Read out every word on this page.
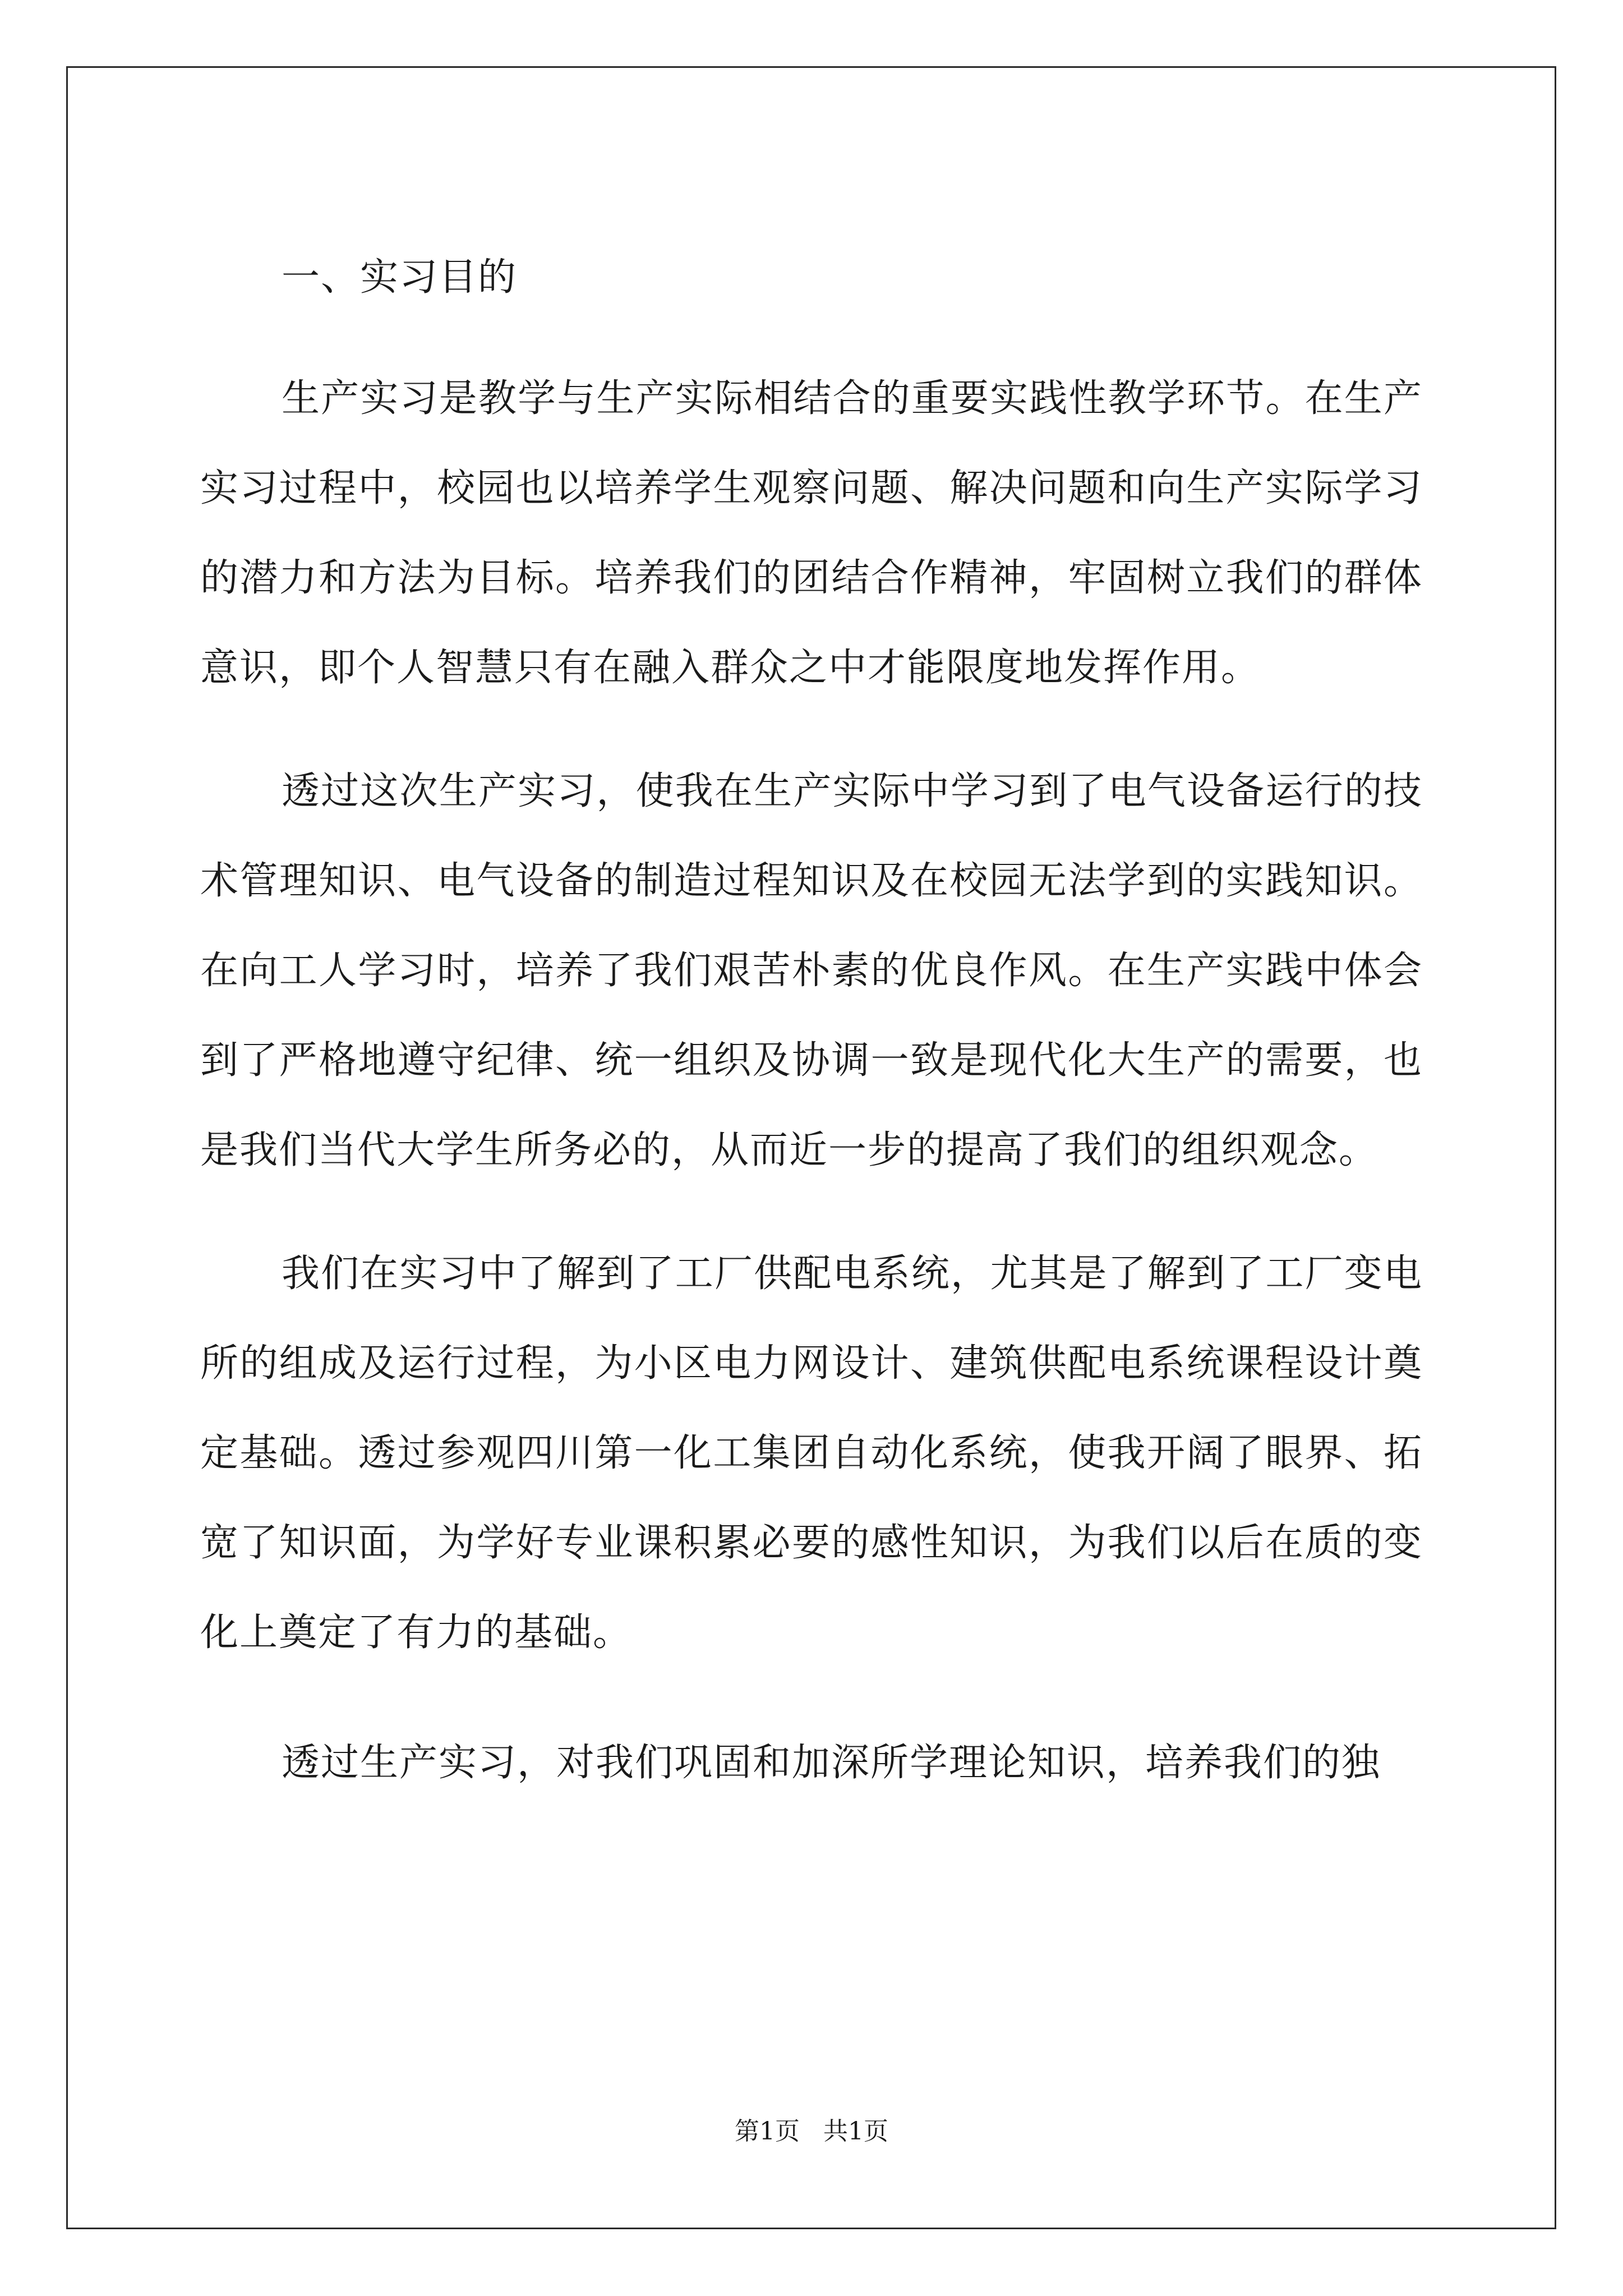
一、实习目的

生产实习是教学与生产实际相结合的重要实践性教学环节。在生产实习过程中，校园也以培养学生观察问题、解决问题和向生产实际学习的潜力和方法为目标。培养我们的团结合作精神，牢固树立我们的群体意识，即个人智慧只有在融入群众之中才能限度地发挥作用。

透过这次生产实习，使我在生产实际中学习到了电气设备运行的技术管理知识、电气设备的制造过程知识及在校园无法学到的实践知识。在向工人学习时，培养了我们艰苦朴素的优良作风。在生产实践中体会到了严格地遵守纪律、统一组织及协调一致是现代化大生产的需要，也是我们当代大学生所务必的，从而近一步的提高了我们的组织观念。

我们在实习中了解到了工厂供配电系统，尤其是了解到了工厂变电所的组成及运行过程，为小区电力网设计、建筑供配电系统课程设计奠定基础。透过参观四川第一化工集团自动化系统，使我开阔了眼界、拓宽了知识面，为学好专业课积累必要的感性知识，为我们以后在质的变化上奠定了有力的基础。

透过生产实习，对我们巩固和加深所学理论知识，培养我们的独

第1页 共1页
